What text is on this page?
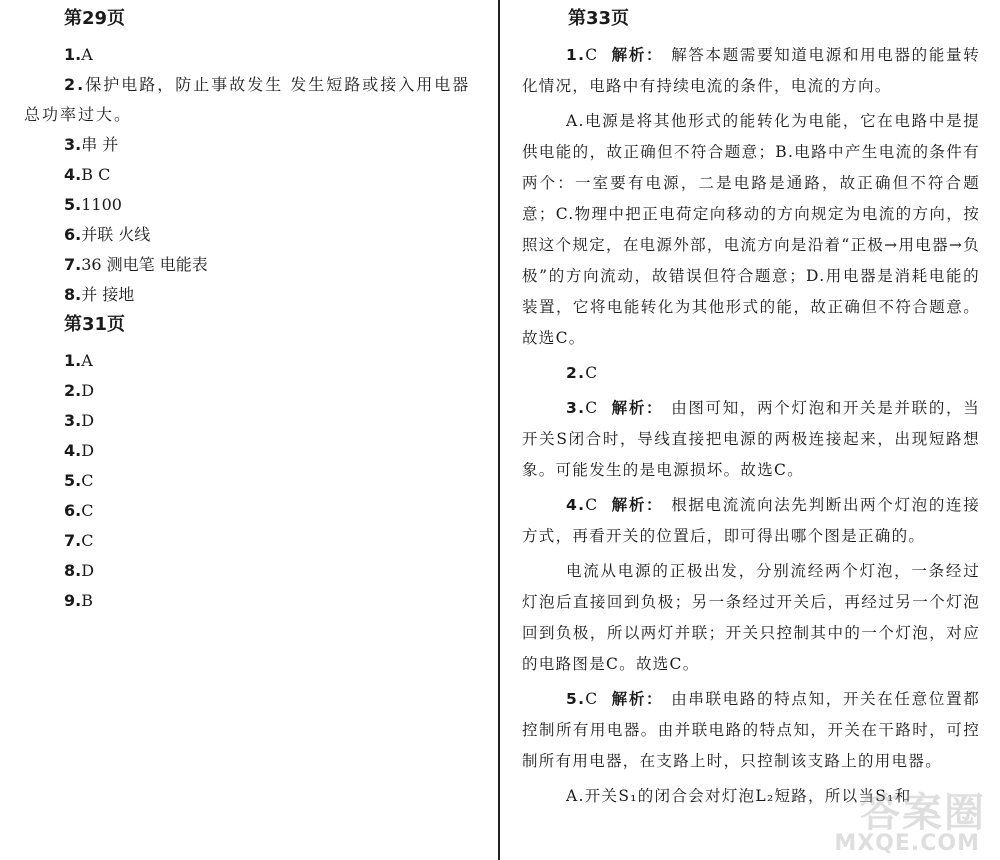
第29页

1.A

2.保护电路，防止事故发生 发生短路或接入用电器总功率过大。

3.串 并

4.B C

5.1100

6.并联 火线

7.36 测电笔 电能表

8.并 接地

第31页

1.A

2.D

3.D

4.D

5.C

6.C

7.C

8.D

9.B

第33页

1.C 解析： 解答本题需要知道电源和用电器的能量转化情况，电路中有持续电流的条件，电流的方向。

A.电源是将其他形式的能转化为电能，它在电路中是提供电能的，故正确但不符合题意；B.电路中产生电流的条件有两个：一室要有电源，二是电路是通路，故正确但不符合题意；C.物理中把正电荷定向移动的方向规定为电流的方向，按照这个规定，在电源外部，电流方向是沿着“正极→用电器→负极”的方向流动，故错误但符合题意；D.用电器是消耗电能的装置，它将电能转化为其他形式的能，故正确但不符合题意。故选C。

2.C

3.C 解析： 由图可知，两个灯泡和开关是并联的，当开关S闭合时，导线直接把电源的两极连接起来，出现短路想象。可能发生的是电源损坏。故选C。

4.C 解析： 根据电流流向法先判断出两个灯泡的连接方式，再看开关的位置后，即可得出哪个图是正确的。

电流从电源的正极出发，分别流经两个灯泡，一条经过灯泡后直接回到负极；另一条经过开关后，再经过另一个灯泡回到负极，所以两灯并联；开关只控制其中的一个灯泡，对应的电路图是C。故选C。

5.C 解析： 由串联电路的特点知，开关在任意位置都控制所有用电器。由并联电路的特点知，开关在干路时，可控制所有用电器，在支路上时，只控制该支路上的用电器。

A.开关S₁的闭合会对灯泡L₂短路，所以当S₁和

答案圈
MXQE.COM
